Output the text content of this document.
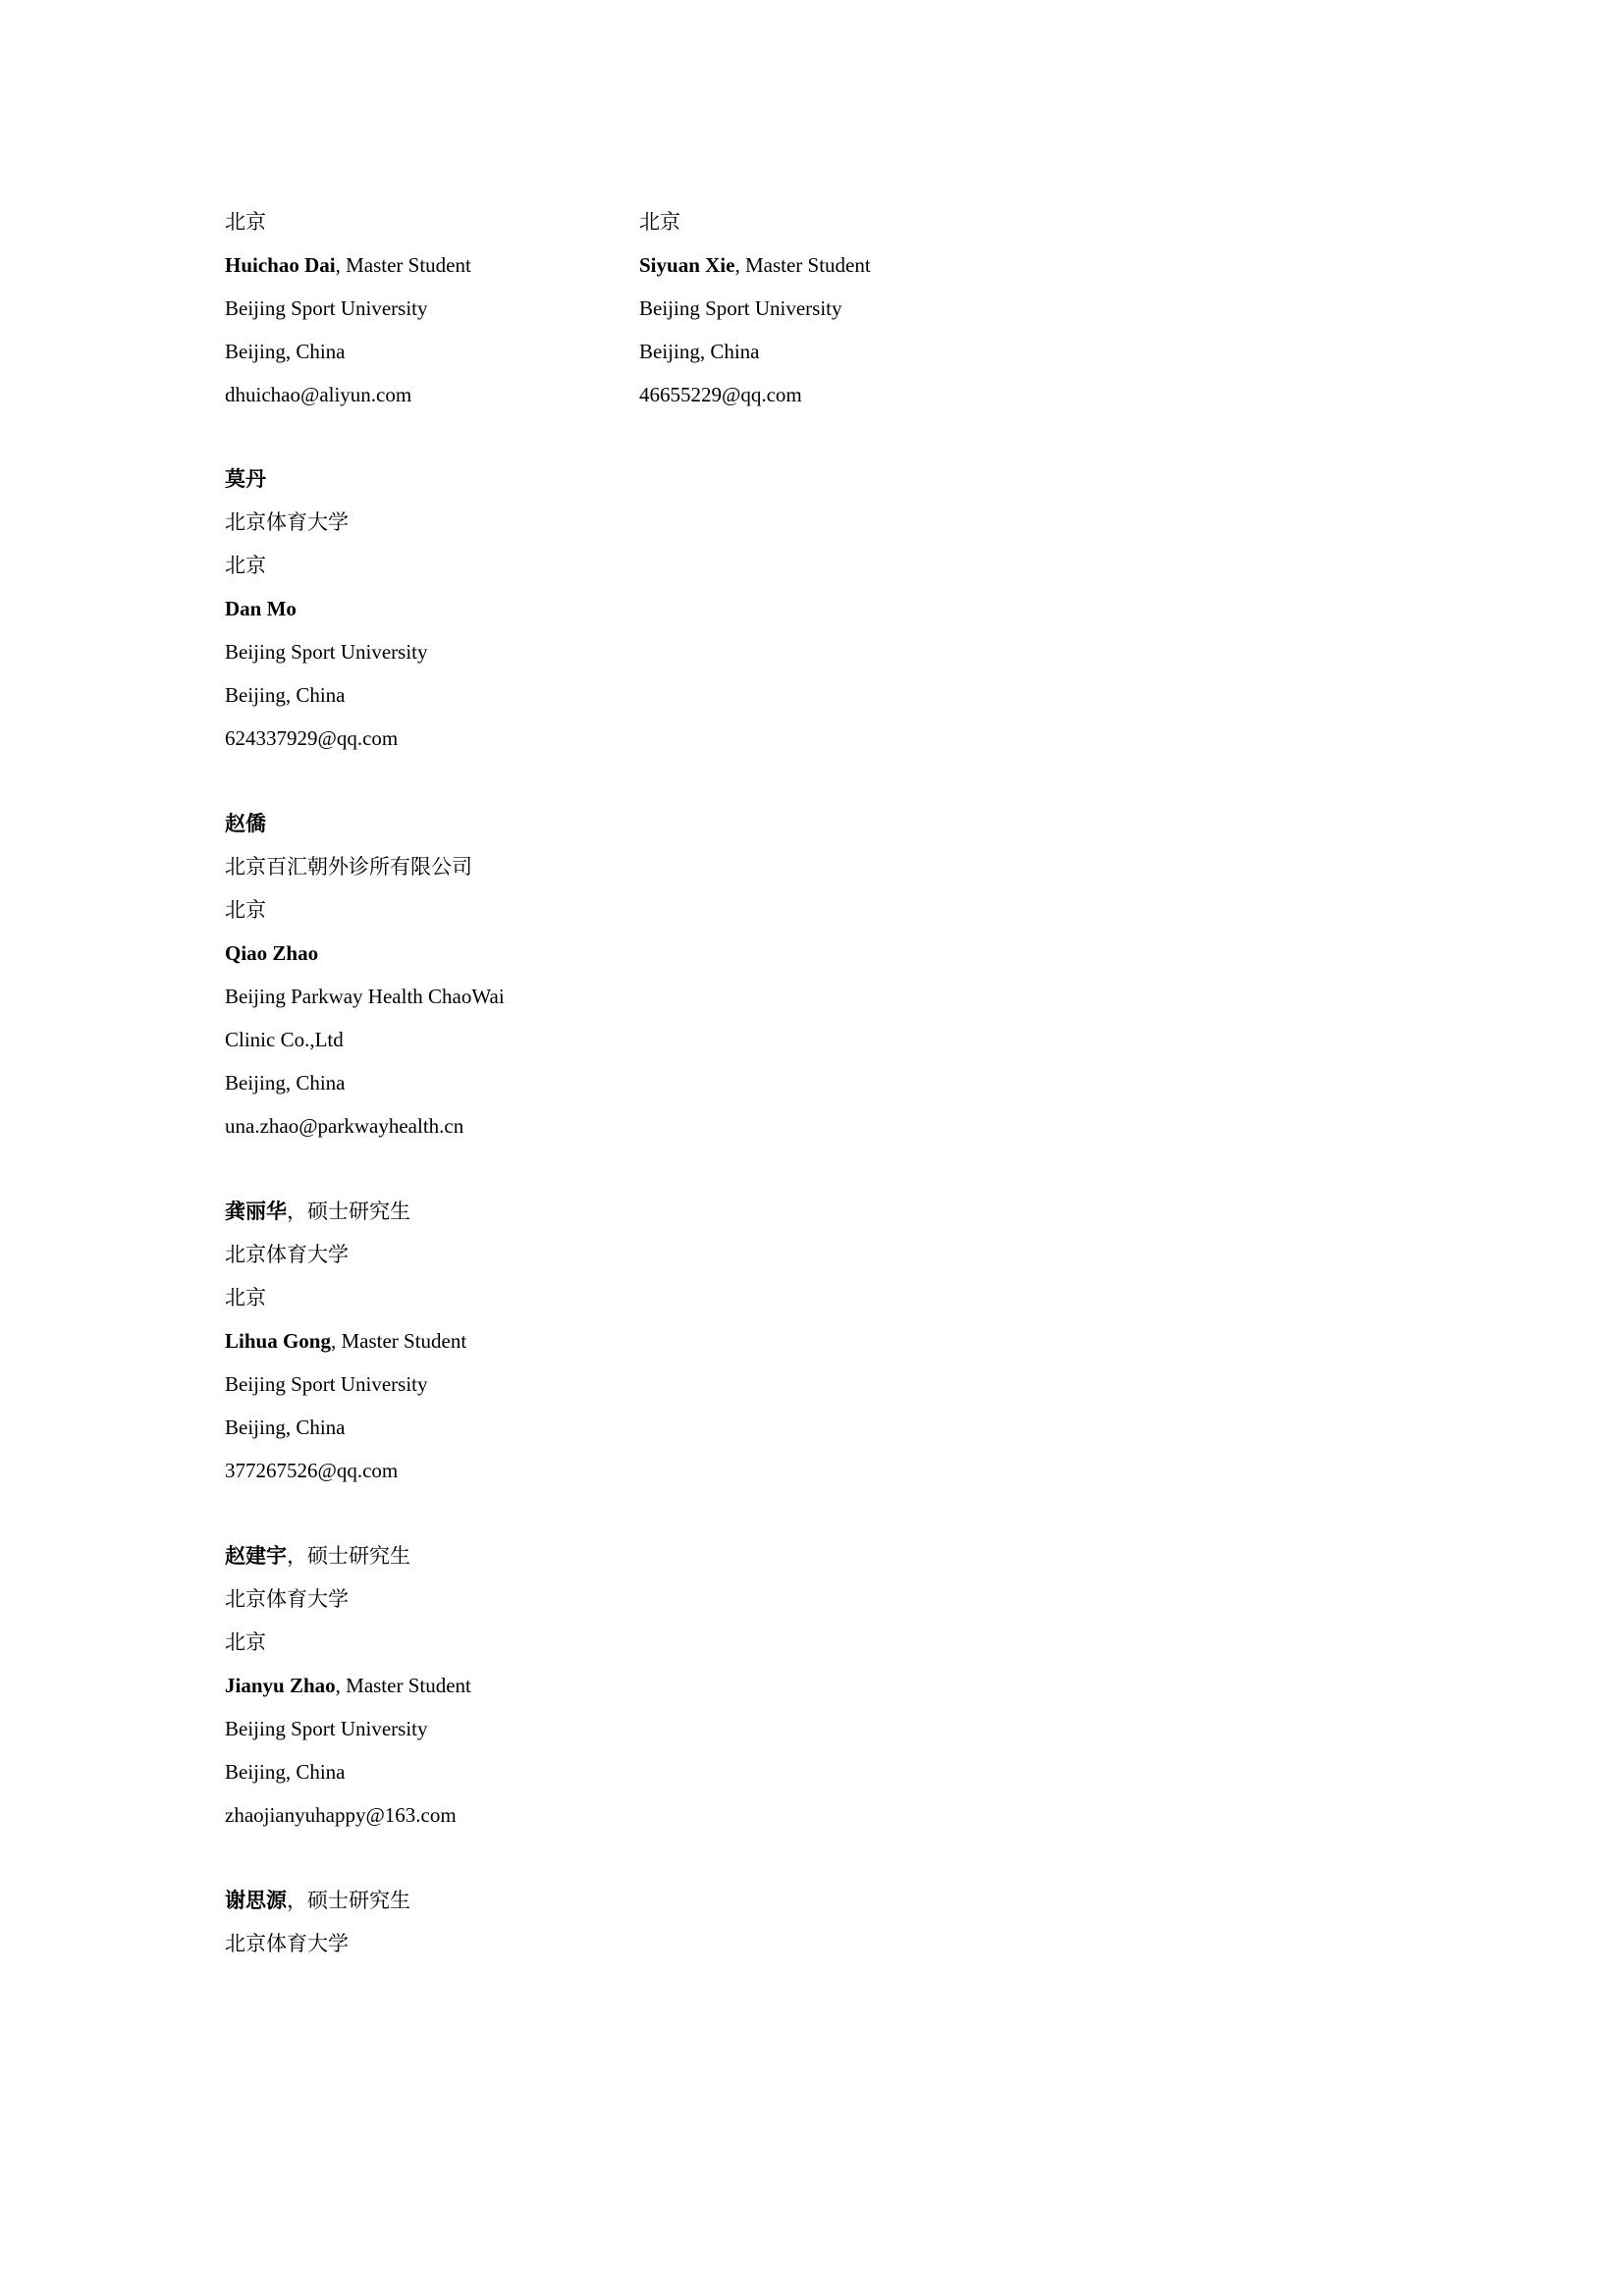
北京
Huichao Dai, Master Student
Beijing Sport University
Beijing, China
dhuichao@aliyun.com
北京
Siyuan Xie, Master Student
Beijing Sport University
Beijing, China
46655229@qq.com
莫丹
北京体育大学
北京
Dan Mo
Beijing Sport University
Beijing, China
624337929@qq.com
赵僑
北京百汇朝外诊所有限公司
北京
Qiao Zhao
Beijing Parkway Health ChaoWai
Clinic Co.,Ltd
Beijing, China
una.zhao@parkwayhealth.cn
龚丽华，硕士研究生
北京体育大学
北京
Lihua Gong, Master Student
Beijing Sport University
Beijing, China
377267526@qq.com
赵建宇，硕士研究生
北京体育大学
北京
Jianyu Zhao, Master Student
Beijing Sport University
Beijing, China
zhaojianyuhappy@163.com
谢思源，硕士研究生
北京体育大学
